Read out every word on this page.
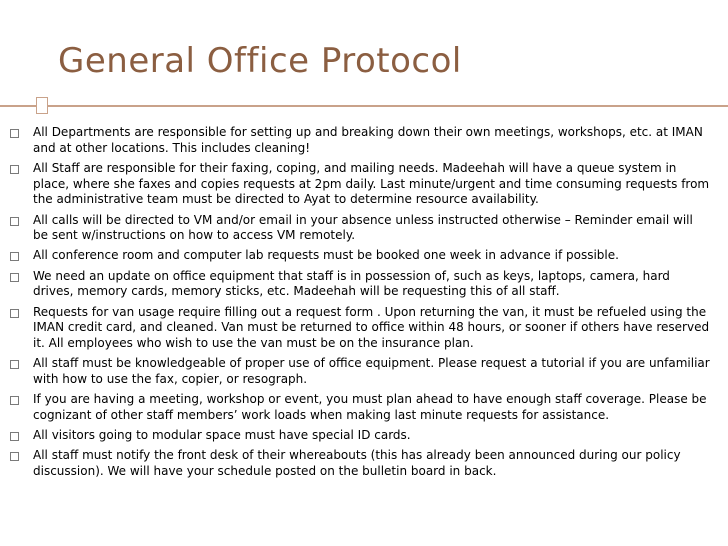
General Office Protocol
All Departments are responsible for setting up and breaking down their own meetings, workshops, etc. at IMAN and at other locations. This includes cleaning!
All Staff are responsible for their faxing, coping, and mailing needs. Madeehah will have a queue system in place, where she faxes and copies requests at 2pm daily. Last minute/urgent and time consuming requests from the administrative team must be directed to Ayat to determine resource availability.
All calls will be directed to VM and/or email in your absence unless instructed otherwise – Reminder email will be sent w/instructions on how to access VM remotely.
All conference room and computer lab requests must be booked one week in advance if possible.
We need an update on office equipment that staff is in possession of, such as keys, laptops, camera, hard drives, memory cards, memory sticks, etc. Madeehah will be requesting this of all staff.
Requests for van usage require filling out a request form . Upon returning the van, it must be refueled using the IMAN credit card, and cleaned. Van must be returned to office within 48 hours, or sooner if others have reserved it. All employees who wish to use the van must be on the insurance plan.
All staff must be knowledgeable of proper use of office equipment. Please request a tutorial if you are unfamiliar with how to use the fax, copier, or resograph.
If you are having a meeting, workshop or event, you must plan ahead to have enough staff coverage. Please be cognizant of other staff members’ work loads when making last minute requests for assistance.
All visitors going to modular space must have special ID cards.
All staff must notify the front desk of their whereabouts (this has already been announced during our policy discussion). We will have your schedule posted on the bulletin board in back.
